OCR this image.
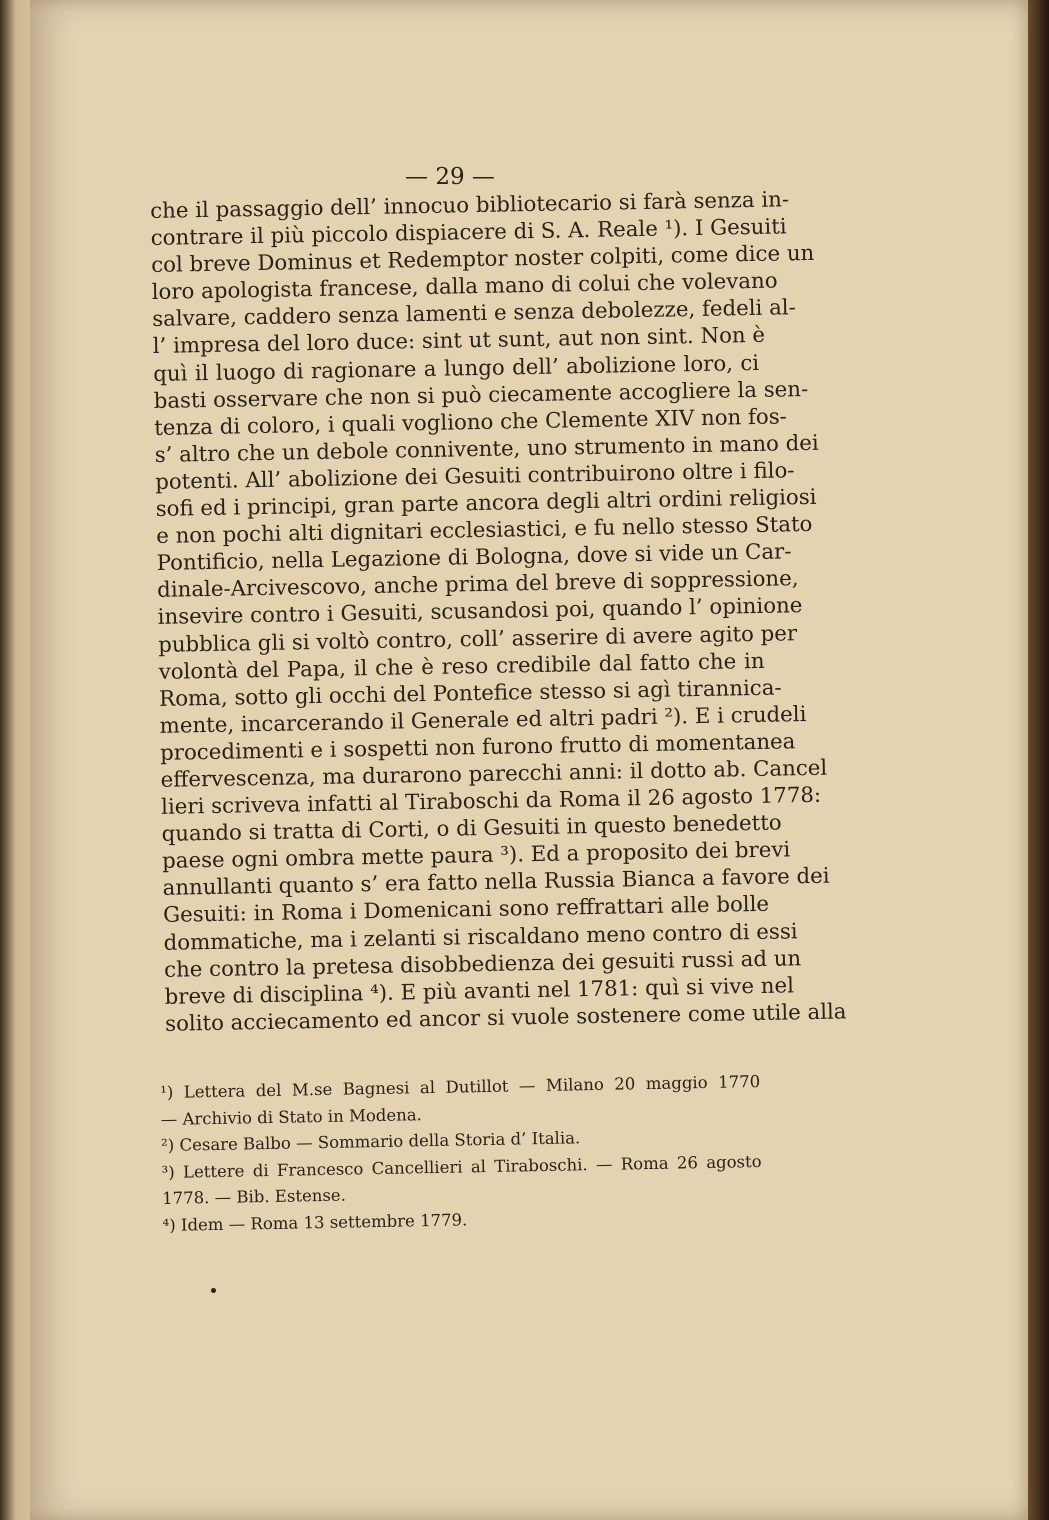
— 29 —
che il passaggio dell’ innocuo bibliotecario si farà senza in-
contrare il più piccolo dispiacere di S. A. Reale ¹). I Gesuiti
col breve Dominus et Redemptor noster colpiti, come dice un
loro apologista francese, dalla mano di colui che volevano
salvare, caddero senza lamenti e senza debolezze, fedeli al-
l’ impresa del loro duce: sint ut sunt, aut non sint. Non è
quì il luogo di ragionare a lungo dell’ abolizione loro, ci
basti osservare che non si può ciecamente accogliere la sen-
tenza di coloro, i quali vogliono che Clemente XIV non fos-
s’ altro che un debole connivente, uno strumento in mano dei
potenti. All’ abolizione dei Gesuiti contribuirono oltre i filo-
sofi ed i principi, gran parte ancora degli altri ordini religiosi
e non pochi alti dignitari ecclesiastici, e fu nello stesso Stato
Pontificio, nella Legazione di Bologna, dove si vide un Car-
dinale-Arcivescovo, anche prima del breve di soppressione,
insevire contro i Gesuiti, scusandosi poi, quando l’ opinione
pubblica gli si voltò contro, coll’ asserire di avere agito per
volontà del Papa, il che è reso credibile dal fatto che in
Roma, sotto gli occhi del Pontefice stesso si agì tirannica-
mente, incarcerando il Generale ed altri padri ²). E i crudeli
procedimenti e i sospetti non furono frutto di momentanea
effervescenza, ma durarono parecchi anni: il dotto ab. Cancel
lieri scriveva infatti al Tiraboschi da Roma il 26 agosto 1778:
quando si tratta di Corti, o di Gesuiti in questo benedetto
paese ogni ombra mette paura ³). Ed a proposito dei brevi
annullanti quanto s’ era fatto nella Russia Bianca a favore dei
Gesuiti: in Roma i Domenicani sono reffrattari alle bolle
dommatiche, ma i zelanti si riscaldano meno contro di essi
che contro la pretesa disobbedienza dei gesuiti russi ad un
breve di disciplina ⁴). E più avanti nel 1781: quì si vive nel
solito acciecamento ed ancor si vuole sostenere come utile alla
¹) Lettera del M.se Bagnesi al Dutillot — Milano 20 maggio 1770
— Archivio di Stato in Modena.
²) Cesare Balbo — Sommario della Storia d’ Italia.
³) Lettere di Francesco Cancellieri al Tiraboschi. — Roma 26 agosto
1778. — Bib. Estense.
⁴) Idem — Roma 13 settembre 1779.
